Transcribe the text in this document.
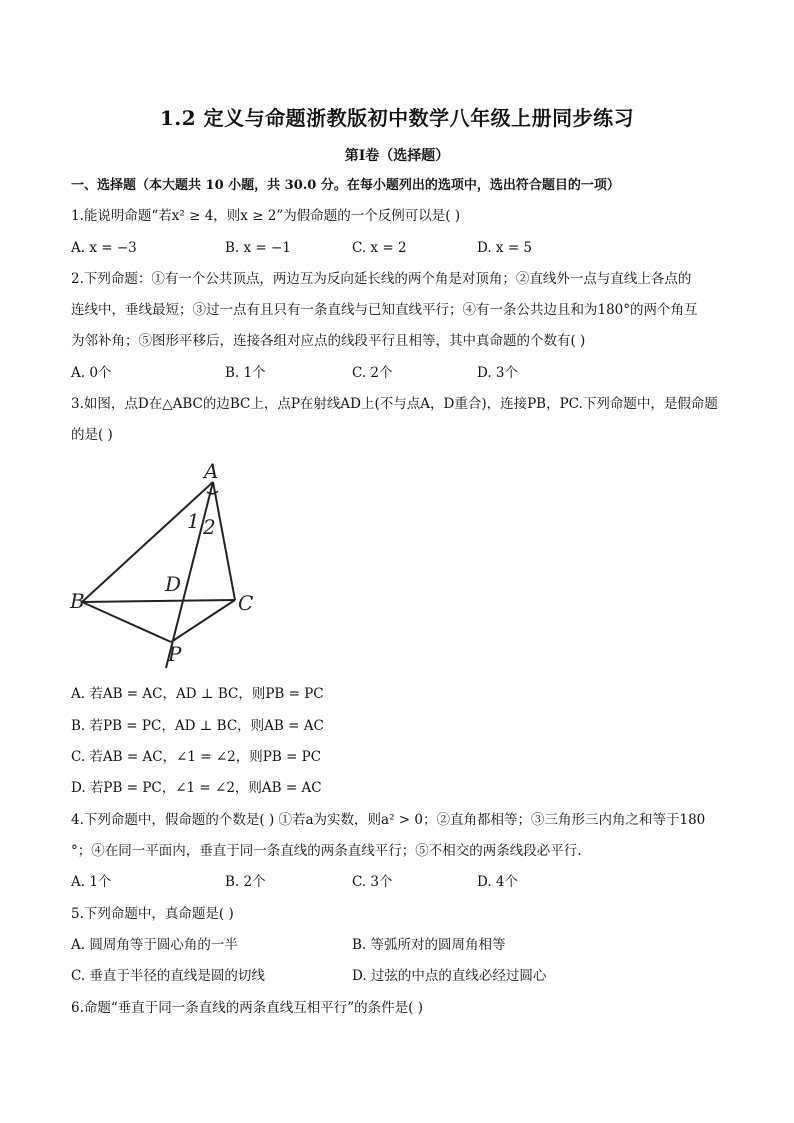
1.2 定义与命题浙教版初中数学八年级上册同步练习
第Ⅰ卷（选择题）
一、选择题（本大题共 10 小题，共 30.0 分。在每小题列出的选项中，选出符合题目的一项）
1.能说明命题“若x² ≥ 4，则x ≥ 2”为假命题的一个反例可以是( )
A. x = −3	B. x = −1	C. x = 2	D. x = 5
2.下列命题：①有一个公共顶点，两边互为反向延长线的两个角是对顶角；②直线外一点与直线上各点的
连线中，垂线最短；③过一点有且只有一条直线与已知直线平行；④有一条公共边且和为180°的两个角互
为邻补角；⑤图形平移后，连接各组对应点的线段平行且相等，其中真命题的个数有( )
A. 0个	B. 1个	C. 2个	D. 3个
3.如图，点D在△ABC的边BC上，点P在射线AD上(不与点A，D重合)，连接PB，PC.下列命题中，是假命题
的是( )
A
B	C
D
P
1 2
A. 若AB = AC，AD ⊥ BC，则PB = PC
B. 若PB = PC，AD ⊥ BC，则AB = AC
C. 若AB = AC，∠1 = ∠2，则PB = PC
D. 若PB = PC，∠1 = ∠2，则AB = AC
4.下列命题中，假命题的个数是( ) ①若a为实数，则a² > 0；②直角都相等；③三角形三内角之和等于180
°；④在同一平面内，垂直于同一条直线的两条直线平行；⑤不相交的两条线段必平行.
A. 1个	B. 2个	C. 3个	D. 4个
5.下列命题中，真命题是( )
A. 圆周角等于圆心角的一半	B. 等弧所对的圆周角相等
C. 垂直于半径的直线是圆的切线	D. 过弦的中点的直线必经过圆心
6.命题“垂直于同一条直线的两条直线互相平行”的条件是( )
